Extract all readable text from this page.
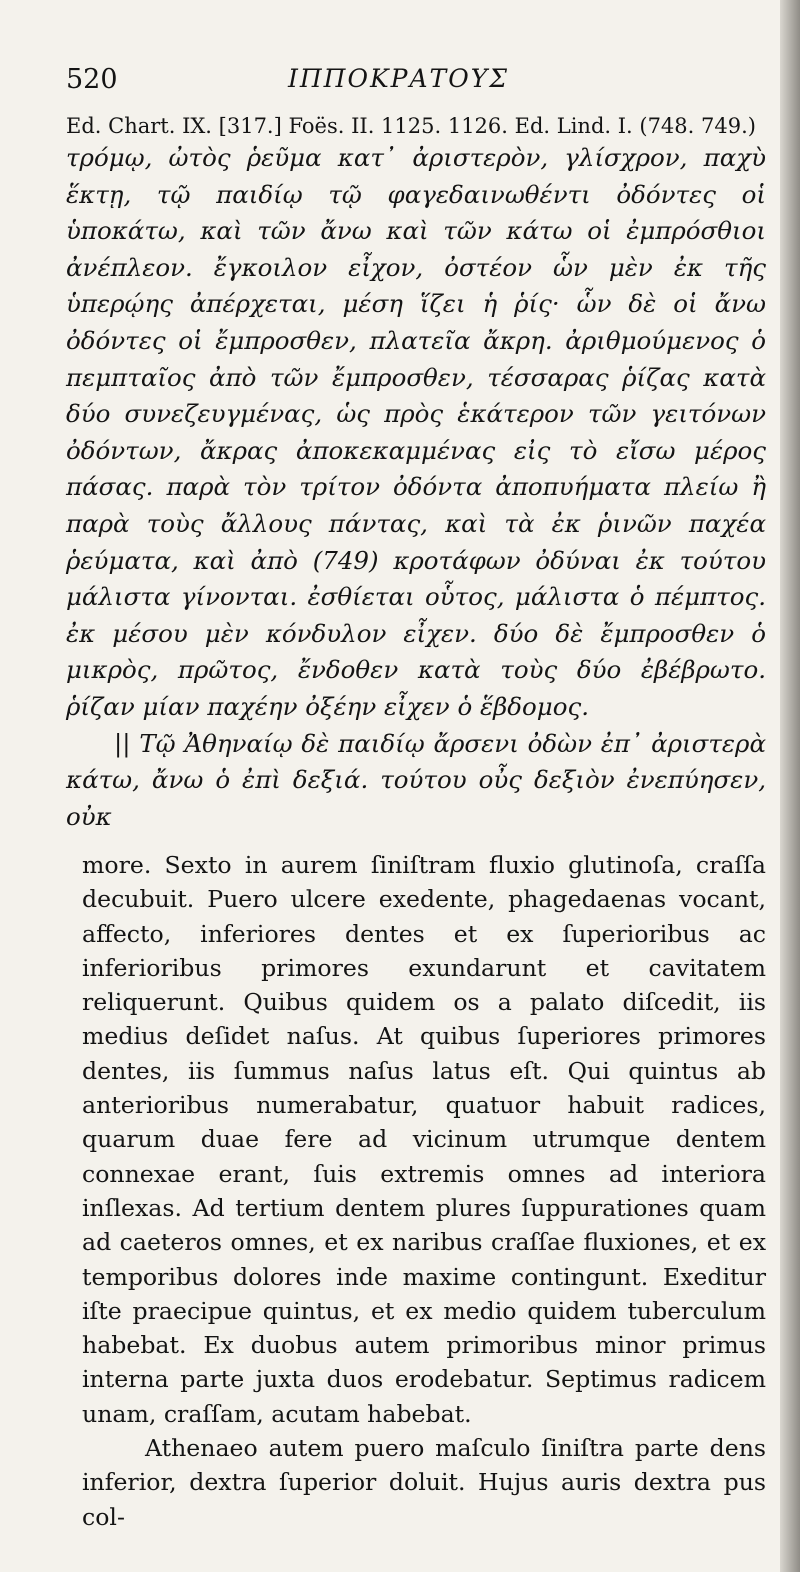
520	ΙΠΠΟΚΡΑΤΟΥΣ
Ed. Chart. IX. [317.] Foës. II. 1125. 1126. Ed. Lind. I. (748. 749.)

τρόμῳ, ὠτὸς ῥεῦμα κατ᾽ ἀριστερὸν, γλίσχρον, παχὺ ἕκτῃ, τῷ παιδίῳ τῷ φαγεδαινωθέντι ὀδόντες οἱ ὑποκάτω, καὶ τῶν ἄνω καὶ τῶν κάτω οἱ ἐμπρόσθιοι ἀνέπλεον. ἔγκοιλον εἶχον, ὀστέον ὧν μὲν ἐκ τῆς ὑπερῴης ἀπέρχεται, μέση ἵζει ἡ ῥίς· ὧν δὲ οἱ ἄνω ὀδόντες οἱ ἔμπροσθεν, πλατεῖα ἄκρη. ἀριθμούμενος ὁ πεμπταῖος ἀπὸ τῶν ἔμπροσθεν, τέσσαρας ῥίζας κατὰ δύο συνεζευγμένας, ὡς πρὸς ἑκάτερον τῶν γειτόνων ὀδόντων, ἄκρας ἀποκεκαμμένας εἰς τὸ εἴσω μέρος πάσας. παρὰ τὸν τρίτον ὀδόντα ἀποπυήματα πλείω ἢ παρὰ τοὺς ἄλλους πάντας, καὶ τὰ ἐκ ῥινῶν παχέα ῥεύματα, καὶ ἀπὸ (749) κροτάφων ὀδύναι ἐκ τούτου μάλιστα γίνονται. ἐσθίεται οὗτος, μάλιστα ὁ πέμπτος. ἐκ μέσου μὲν κόνδυλον εἶχεν. δύο δὲ ἔμπροσθεν ὁ μικρὸς, πρῶτος, ἔνδοθεν κατὰ τοὺς δύο ἐβέβρωτο. ῥίζαν μίαν παχέην ὀξέην εἶχεν ὁ ἕβδομος.

|| Τῷ Ἀθηναίῳ δὲ παιδίῳ ἄρσενι ὀδὼν ἐπ᾽ ἀριστερὰ κάτω, ἄνω ὁ ἐπὶ δεξιά. τούτου οὖς δεξιὸν ἐνεπύησεν, οὐκ

more. Sexto in aurem ſiniſtram fluxio glutinoſa, craſſa decubuit. Puero ulcere exedente, phagedaenas vocant, affecto, inferiores dentes et ex ſuperioribus ac inferioribus primores exundarunt et cavitatem reliquerunt. Quibus quidem os a palato diſcedit, iis medius deſidet naſus. At quibus ſuperiores primores dentes, iis ſummus naſus latus eſt. Qui quintus ab anterioribus numerabatur, quatuor habuit radices, quarum duae fere ad vicinum utrumque dentem connexae erant, ſuis extremis omnes ad interiora inſlexas. Ad tertium dentem plures ſuppurationes quam ad caeteros omnes, et ex naribus craſſae fluxiones, et ex temporibus dolores inde maxime contingunt. Exeditur iſte praecipue quintus, et ex medio quidem tuberculum habebat. Ex duobus autem primoribus minor primus interna parte juxta duos erodebatur. Septimus radicem unam, craſſam, acutam habebat.

Athenaeo autem puero maſculo ſiniſtra parte dens inferior, dextra ſuperior doluit. Hujus auris dextra pus col-
